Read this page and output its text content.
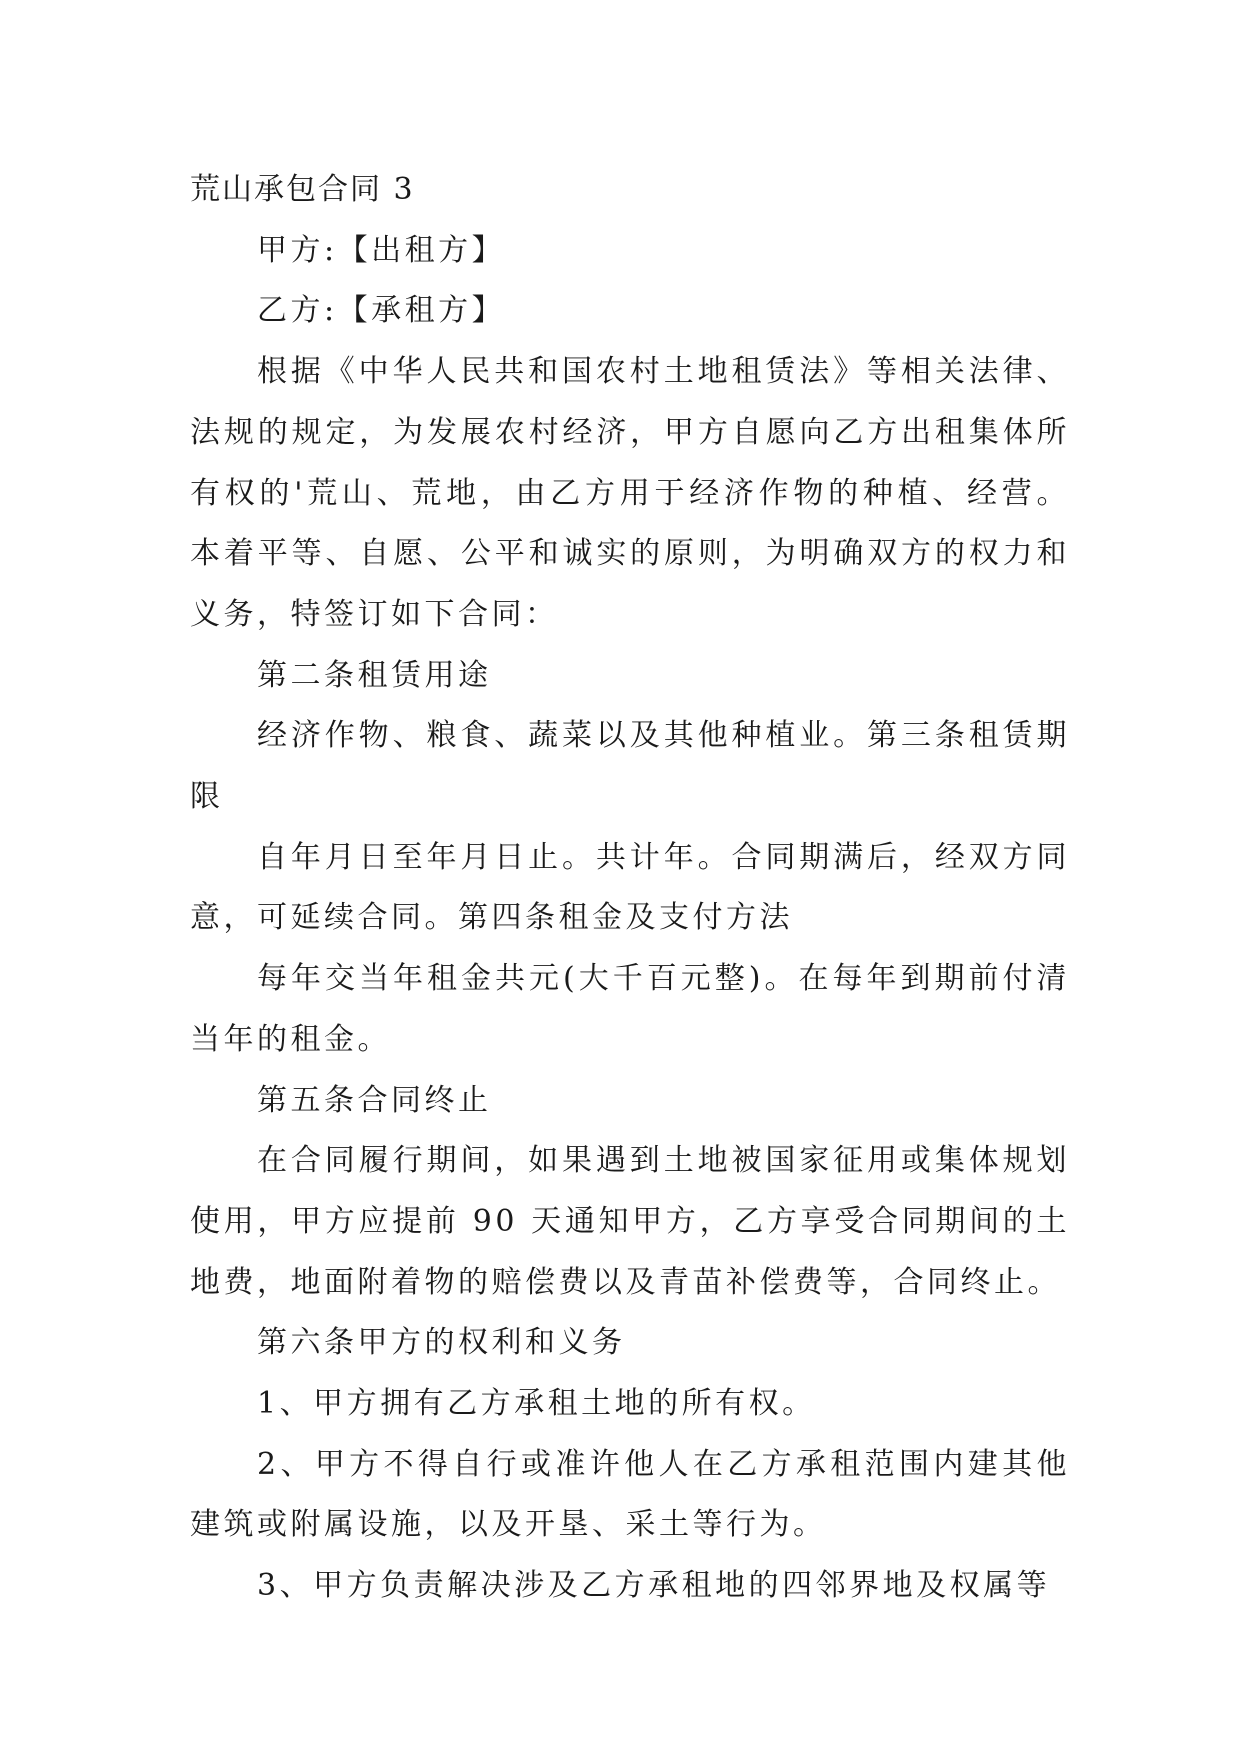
荒山承包合同 3

甲方:【出租方】

乙方:【承租方】

根据《中华人民共和国农村土地租赁法》等相关法律、法规的规定，为发展农村经济，甲方自愿向乙方出租集体所有权的'荒山、荒地，由乙方用于经济作物的种植、经营。本着平等、自愿、公平和诚实的原则，为明确双方的权力和义务，特签订如下合同：

第二条租赁用途

经济作物、粮食、蔬菜以及其他种植业。第三条租赁期限

自年月日至年月日止。共计年。合同期满后，经双方同意，可延续合同。第四条租金及支付方法

每年交当年租金共元(大千百元整)。在每年到期前付清当年的租金。

第五条合同终止

在合同履行期间，如果遇到土地被国家征用或集体规划使用，甲方应提前 90 天通知甲方，乙方享受合同期间的土地费，地面附着物的赔偿费以及青苗补偿费等，合同终止。

第六条甲方的权利和义务

1、甲方拥有乙方承租土地的所有权。

2、甲方不得自行或准许他人在乙方承租范围内建其他建筑或附属设施，以及开垦、采土等行为。

3、甲方负责解决涉及乙方承租地的四邻界地及权属等
